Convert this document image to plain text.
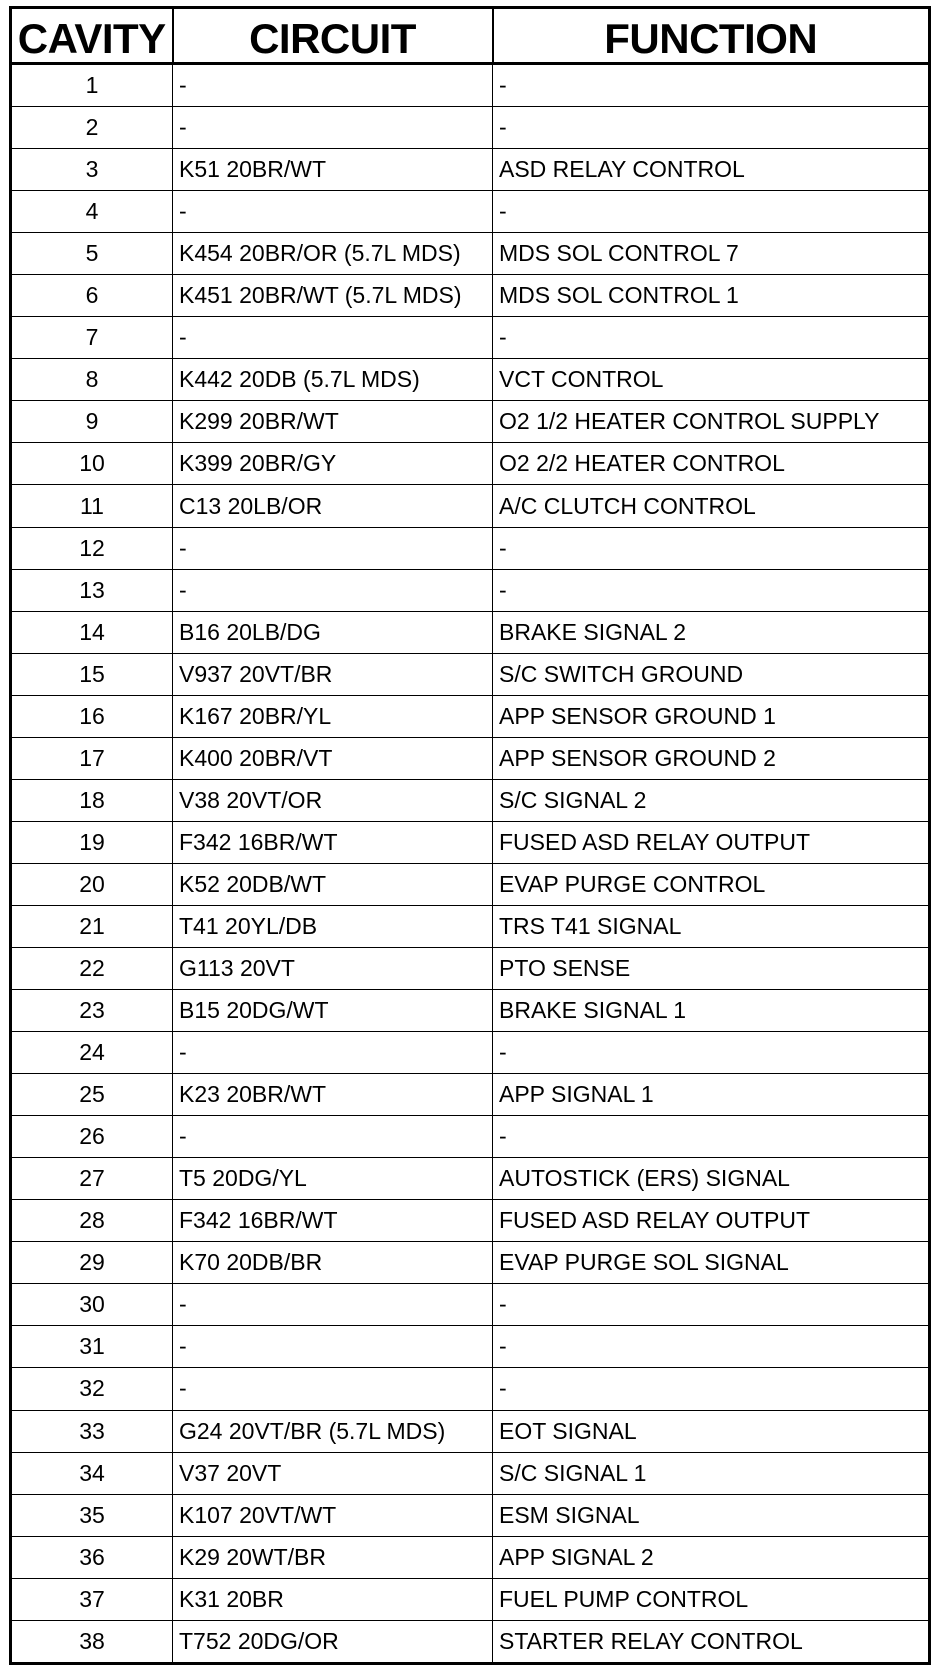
CAVITY	CIRCUIT	FUNCTION
1	-	-
2	-	-
3	K51 20BR/WT	ASD RELAY CONTROL
4	-	-
5	K454 20BR/OR (5.7L MDS)	MDS SOL CONTROL 7
6	K451 20BR/WT (5.7L MDS)	MDS SOL CONTROL 1
7	-	-
8	K442 20DB (5.7L MDS)	VCT CONTROL
9	K299 20BR/WT	O2 1/2 HEATER CONTROL SUPPLY
10	K399 20BR/GY	O2 2/2 HEATER CONTROL
11	C13 20LB/OR	A/C CLUTCH CONTROL
12	-	-
13	-	-
14	B16 20LB/DG	BRAKE SIGNAL 2
15	V937 20VT/BR	S/C SWITCH GROUND
16	K167 20BR/YL	APP SENSOR GROUND 1
17	K400 20BR/VT	APP SENSOR GROUND 2
18	V38 20VT/OR	S/C SIGNAL 2
19	F342 16BR/WT	FUSED ASD RELAY OUTPUT
20	K52 20DB/WT	EVAP PURGE CONTROL
21	T41 20YL/DB	TRS T41 SIGNAL
22	G113 20VT	PTO SENSE
23	B15 20DG/WT	BRAKE SIGNAL 1
24	-	-
25	K23 20BR/WT	APP SIGNAL 1
26	-	-
27	T5 20DG/YL	AUTOSTICK (ERS) SIGNAL
28	F342 16BR/WT	FUSED ASD RELAY OUTPUT
29	K70 20DB/BR	EVAP PURGE SOL SIGNAL
30	-	-
31	-	-
32	-	-
33	G24 20VT/BR (5.7L MDS)	EOT SIGNAL
34	V37 20VT	S/C SIGNAL 1
35	K107 20VT/WT	ESM SIGNAL
36	K29 20WT/BR	APP SIGNAL 2
37	K31 20BR	FUEL PUMP CONTROL
38	T752 20DG/OR	STARTER RELAY CONTROL
